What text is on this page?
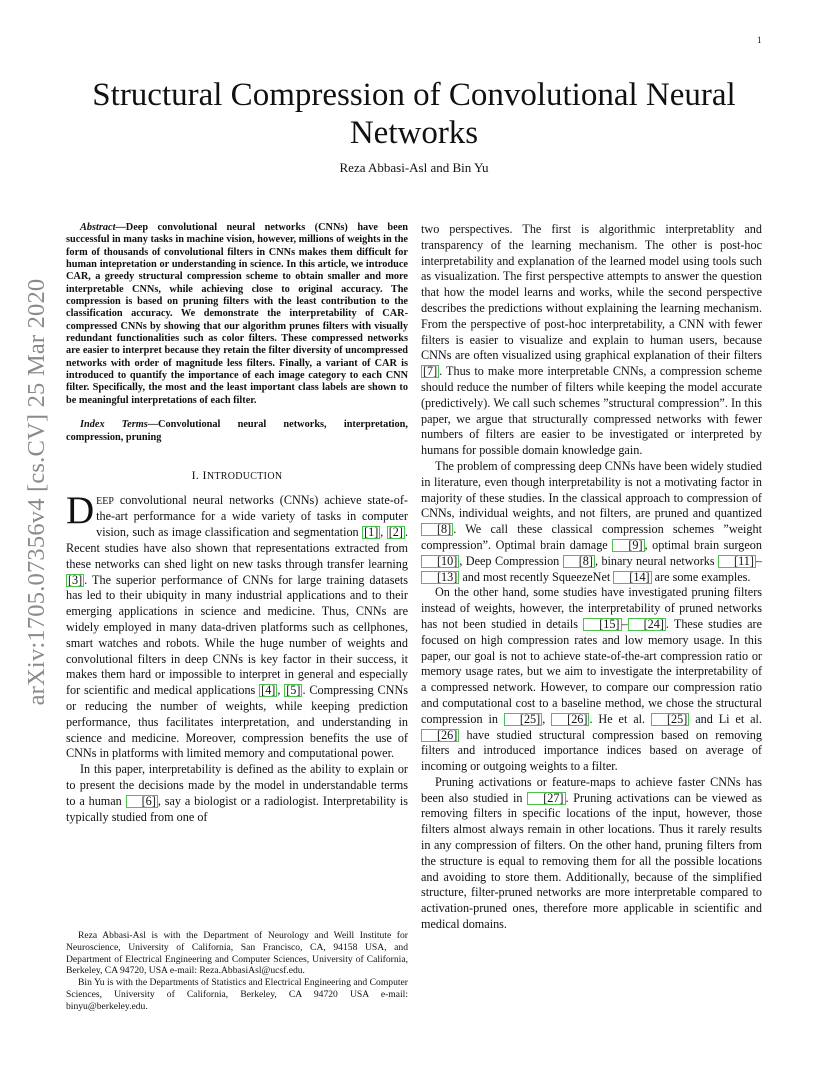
1
arXiv:1705.07356v4 [cs.CV] 25 Mar 2020
Structural Compression of Convolutional Neural Networks
Reza Abbasi-Asl and Bin Yu

Abstract—Deep convolutional neural networks (CNNs) have been successful in many tasks in machine vision, however, millions of weights in the form of thousands of convolutional filters in CNNs makes them difficult for human intepretation or understanding in science. In this article, we introduce CAR, a greedy structural compression scheme to obtain smaller and more interpretable CNNs, while achieving close to original accuracy. The compression is based on pruning filters with the least contribution to the classification accuracy. We demonstrate the interpretability of CAR-compressed CNNs by showing that our algorithm prunes filters with visually redundant functionalities such as color filters. These compressed networks are easier to interpret because they retain the filter diversity of uncompressed networks with order of magnitude less filters. Finally, a variant of CAR is introduced to quantify the importance of each image category to each CNN filter. Specifically, the most and the least important class labels are shown to be meaningful interpretations of each filter.

Index Terms—Convolutional neural networks, interpretation, compression, pruning

I. INTRODUCTION

DEEP convolutional neural networks (CNNs) achieve state-of-the-art performance for a wide variety of tasks in computer vision, such as image classification and segmentation [1] , [2] . Recent studies have also shown that representations extracted from these networks can shed light on new tasks through transfer learning [3] . The superior performance of CNNs for large training datasets has led to their ubiquity in many industrial applications and to their emerging applications in science and medicine. Thus, CNNs are widely employed in many data-driven platforms such as cellphones, smart watches and robots. While the huge number of weights and convolutional filters in deep CNNs is key factor in their success, it makes them hard or impossible to interpret in general and especially for scientific and medical applications [4] , [5] . Compressing CNNs or reducing the number of weights, while keeping prediction performance, thus facilitates interpretation, and understanding in science and medicine. Moreover, compression benefits the use of CNNs in platforms with limited memory and computational power.

In this paper, interpretability is defined as the ability to explain or to present the decisions made by the model in understandable terms to a human [6] , say a biologist or a radiologist. Interpretability is typically studied from one of

Reza Abbasi-Asl is with the Department of Neurology and Weill Institute for Neuroscience, University of California, San Francisco, CA, 94158 USA, and Department of Electrical Engineering and Computer Sciences, University of California, Berkeley, CA 94720, USA e-mail: Reza.AbbasiAsl@ucsf.edu.

Bin Yu is with the Departments of Statistics and Electrical Engineering and Computer Sciences, University of California, Berkeley, CA 94720 USA e-mail: binyu@berkeley.edu.

two perspectives. The first is algorithmic interpretablity and transparency of the learning mechanism. The other is post-hoc interpretability and explanation of the learned model using tools such as visualization. The first perspective attempts to answer the question that how the model learns and works, while the second perspective describes the predictions without explaining the learning mechanism. From the perspective of post-hoc interpretability, a CNN with fewer filters is easier to visualize and explain to human users, because CNNs are often visualized using graphical explanation of their filters [7] . Thus to make more interpretable CNNs, a compression scheme should reduce the number of filters while keeping the model accurate (predictively). We call such schemes ”structural compression”. In this paper, we argue that structurally compressed networks with fewer numbers of filters are easier to be investigated or interpreted by humans for possible domain knowledge gain.

The problem of compressing deep CNNs have been widely studied in literature, even though interpretability is not a motivating factor in majority of these studies. In the classical approach to compression of CNNs, individual weights, and not filters, are pruned and quantized [8] . We call these classical compression schemes ”weight compression”. Optimal brain damage [9] , optimal brain surgeon [10] , Deep Compression [8] , binary neural networks [11] –[13] and most recently SqueezeNet [14] are some examples.

On the other hand, some studies have investigated pruning filters instead of weights, however, the interpretability of pruned networks has not been studied in details [15] – [24] . These studies are focused on high compression rates and low memory usage. In this paper, our goal is not to achieve state-of-the-art compression ratio or memory usage rates, but we aim to investigate the interpretability of a compressed network. However, to compare our compression ratio and computational cost to a baseline method, we chose the structural compression in [25] , [26] . He et al. [25] and Li et al. [26] have studied structural compression based on removing filters and introduced importance indices based on average of incoming or outgoing weights to a filter.

Pruning activations or feature-maps to achieve faster CNNs has been also studied in [27] . Pruning activations can be viewed as removing filters in specific locations of the input, however, those filters almost always remain in other locations. Thus it rarely results in any compression of filters. On the other hand, pruning filters from the structure is equal to removing them for all the possible locations and avoiding to store them. Additionally, because of the simplified structure, filter-pruned networks are more interpretable compared to activation-pruned ones, therefore more applicable in scientific and medical domains.
